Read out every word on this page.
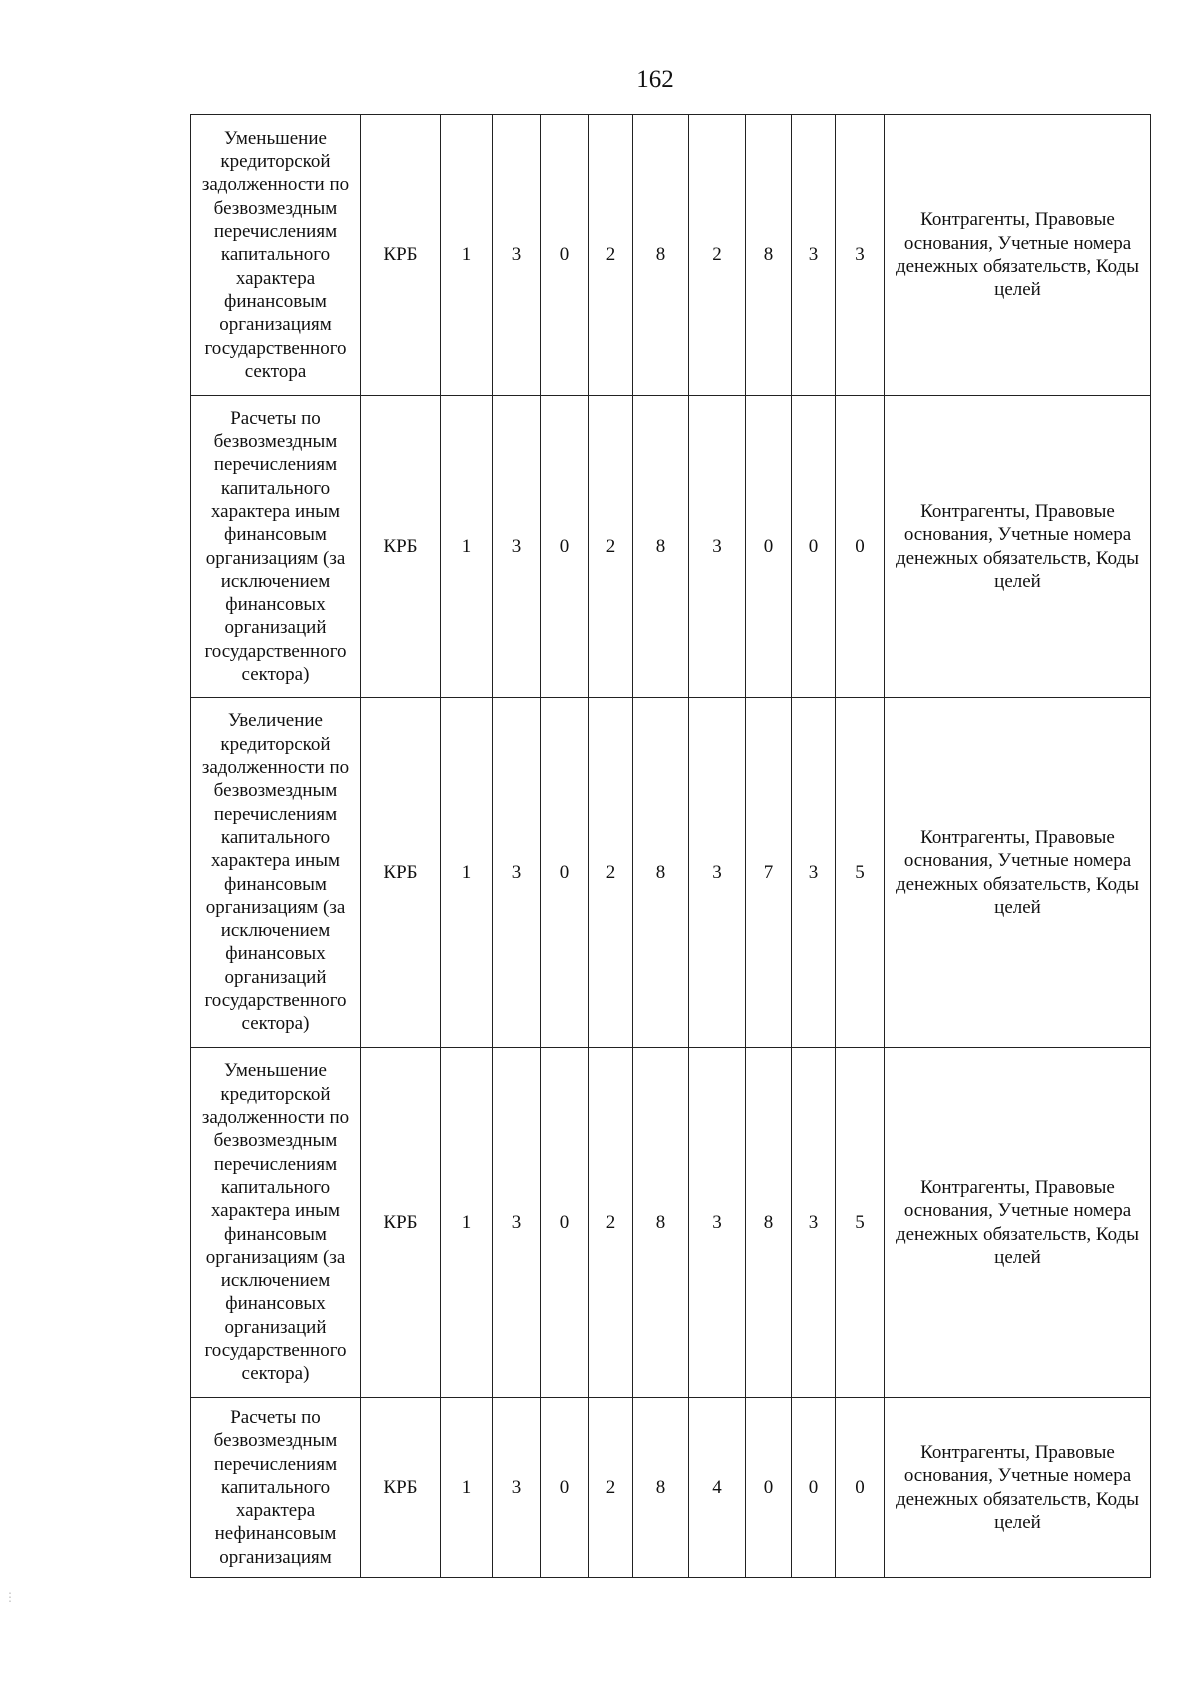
162
Уменьшение кредиторской задолженности по безвозмездным перечислениям капитального характера финансовым организациям государственного сектора	КРБ	1	3	0	2	8	2	8	3	3	Контрагенты, Правовые основания, Учетные номера денежных обязательств, Коды целей
Расчеты по безвозмездным перечислениям капитального характера иным финансовым организациям (за исключением финансовых организаций государственного сектора)	КРБ	1	3	0	2	8	3	0	0	0	Контрагенты, Правовые основания, Учетные номера денежных обязательств, Коды целей
Увеличение кредиторской задолженности по безвозмездным перечислениям капитального характера иным финансовым организациям (за исключением финансовых организаций государственного сектора)	КРБ	1	3	0	2	8	3	7	3	5	Контрагенты, Правовые основания, Учетные номера денежных обязательств, Коды целей
Уменьшение кредиторской задолженности по безвозмездным перечислениям капитального характера иным финансовым организациям (за исключением финансовых организаций государственного сектора)	КРБ	1	3	0	2	8	3	8	3	5	Контрагенты, Правовые основания, Учетные номера денежных обязательств, Коды целей
Расчеты по безвозмездным перечислениям капитального характера нефинансовым организациям	КРБ	1	3	0	2	8	4	0	0	0	Контрагенты, Правовые основания, Учетные номера денежных обязательств, Коды целей
⋮
